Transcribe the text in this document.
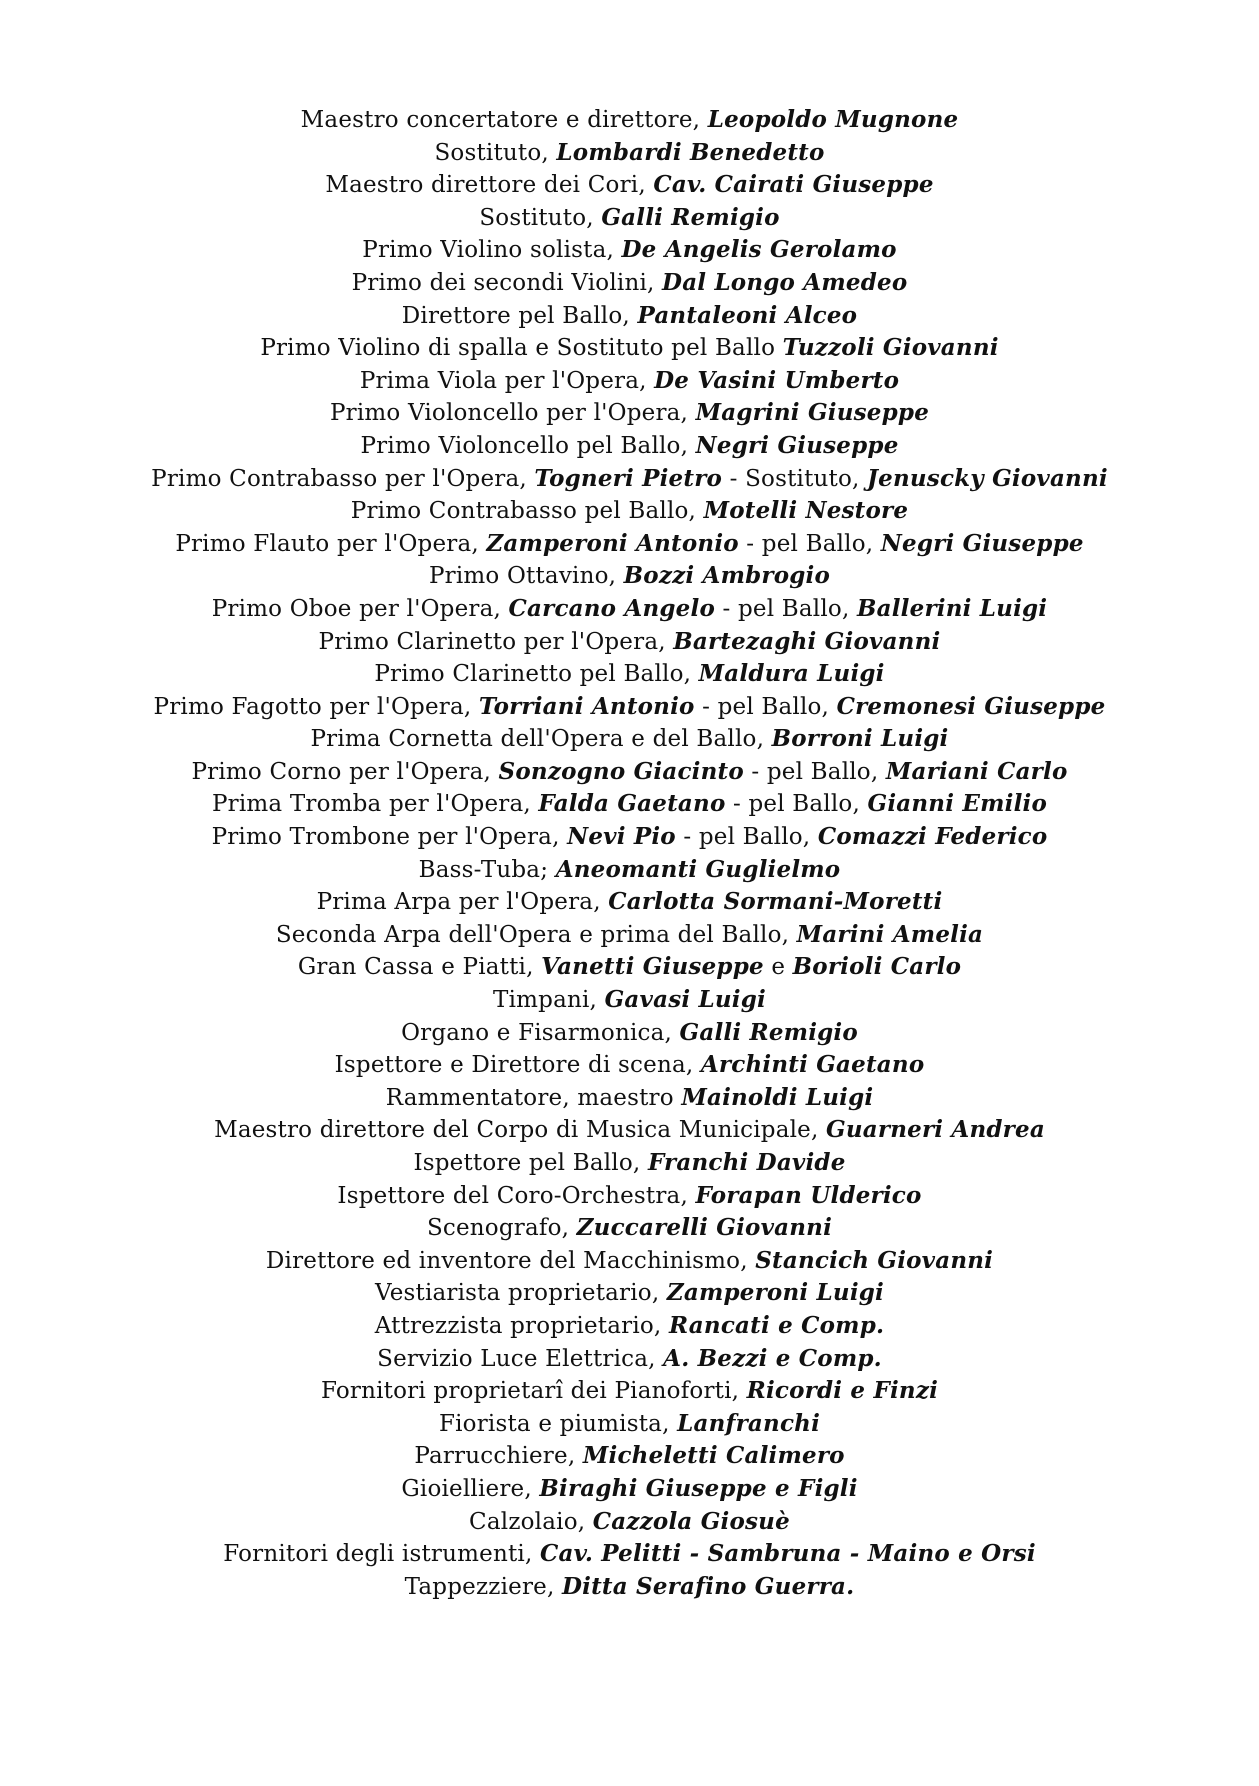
Maestro concertatore e direttore, Leopoldo Mugnone
Sostituto, Lombardi Benedetto
Maestro direttore dei Cori, Cav. Cairati Giuseppe
Sostituto, Galli Remigio
Primo Violino solista, De Angelis Gerolamo
Primo dei secondi Violini, Dal Longo Amedeo
Direttore pel Ballo, Pantaleoni Alceo
Primo Violino di spalla e Sostituto pel Ballo Tuzzoli Giovanni
Prima Viola per l'Opera, De Vasini Umberto
Primo Violoncello per l'Opera, Magrini Giuseppe
Primo Violoncello pel Ballo, Negri Giuseppe
Primo Contrabasso per l'Opera, Togneri Pietro - Sostituto, Jenuscky Giovanni
Primo Contrabasso pel Ballo, Motelli Nestore
Primo Flauto per l'Opera, Zamperoni Antonio - pel Ballo, Negri Giuseppe
Primo Ottavino, Bozzi Ambrogio
Primo Oboe per l'Opera, Carcano Angelo - pel Ballo, Ballerini Luigi
Primo Clarinetto per l'Opera, Bartezaghi Giovanni
Primo Clarinetto pel Ballo, Maldura Luigi
Primo Fagotto per l'Opera, Torriani Antonio - pel Ballo, Cremonesi Giuseppe
Prima Cornetta dell'Opera e del Ballo, Borroni Luigi
Primo Corno per l'Opera, Sonzogno Giacinto - pel Ballo, Mariani Carlo
Prima Tromba per l'Opera, Falda Gaetano - pel Ballo, Gianni Emilio
Primo Trombone per l'Opera, Nevi Pio - pel Ballo, Comazzi Federico
Bass-Tuba; Aneomanti Guglielmo
Prima Arpa per l'Opera, Carlotta Sormani-Moretti
Seconda Arpa dell'Opera e prima del Ballo, Marini Amelia
Gran Cassa e Piatti, Vanetti Giuseppe e Borioli Carlo
Timpani, Gavasi Luigi
Organo e Fisarmonica, Galli Remigio
Ispettore e Direttore di scena, Archinti Gaetano
Rammentatore, maestro Mainoldi Luigi
Maestro direttore del Corpo di Musica Municipale, Guarneri Andrea
Ispettore pel Ballo, Franchi Davide
Ispettore del Coro-Orchestra, Forapan Ulderico
Scenografo, Zuccarelli Giovanni
Direttore ed inventore del Macchinismo, Stancich Giovanni
Vestiarista proprietario, Zamperoni Luigi
Attrezzista proprietario, Rancati e Comp.
Servizio Luce Elettrica, A. Bezzi e Comp.
Fornitori proprietarî dei Pianoforti, Ricordi e Finzi
Fiorista e piumista, Lanfranchi
Parrucchiere, Micheletti Calimero
Gioielliere, Biraghi Giuseppe e Figli
Calzolaio, Cazzola Giosuè
Fornitori degli istrumenti, Cav. Pelitti - Sambruna - Maino e Orsi
Tappezziere, Ditta Serafino Guerra.
